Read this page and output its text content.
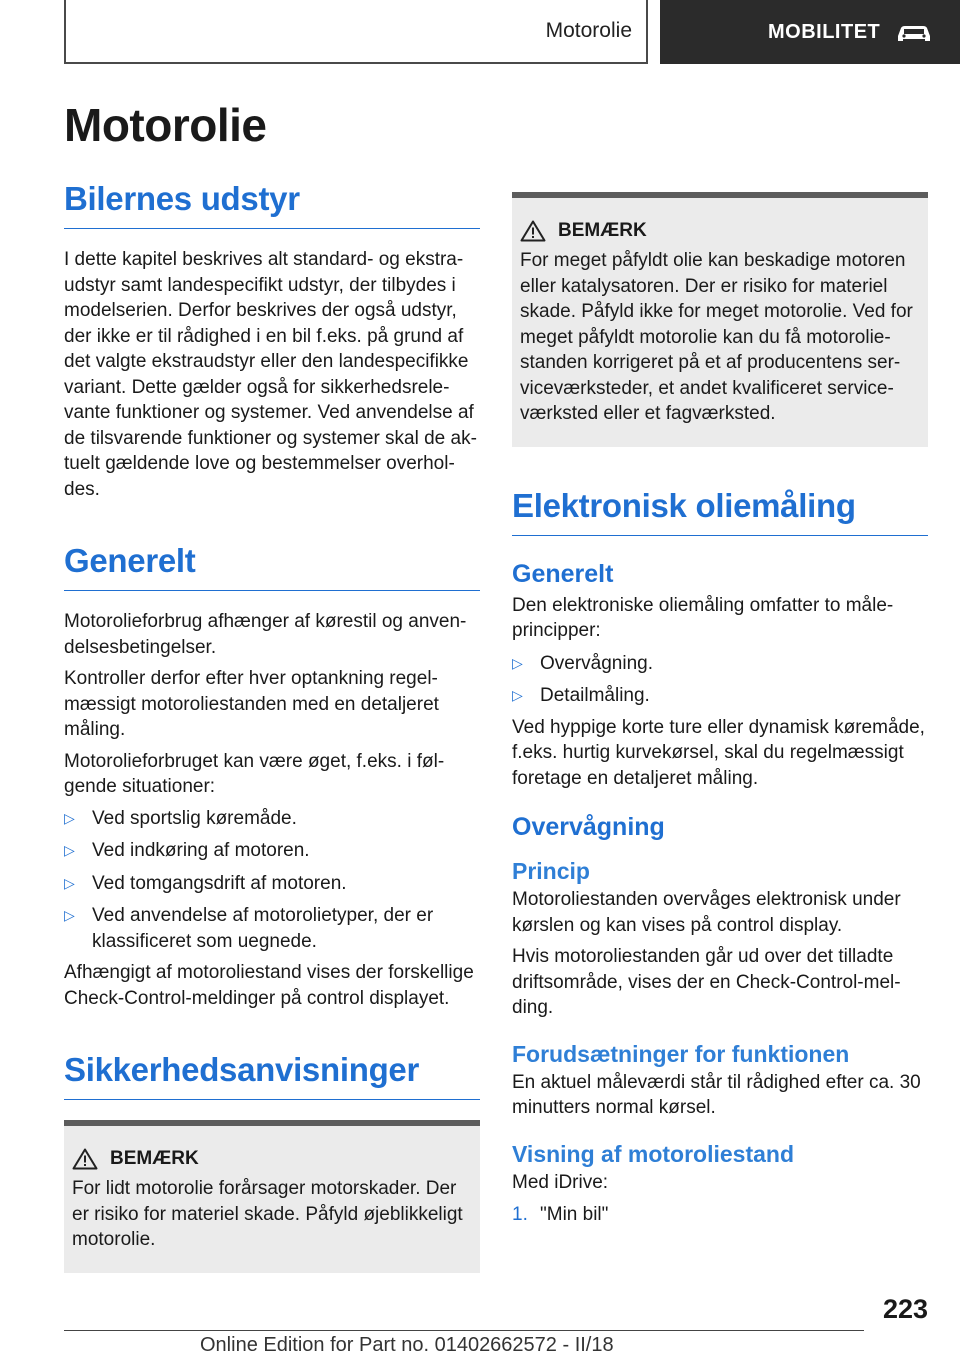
Motorolie	MOBILITET
Motorolie
Bilernes udstyr

I dette kapitel beskrives alt standard- og ekstraudstyr samt landespecifikt udstyr, der tilbydes i modelserien. Derfor beskrives der også udstyr, der ikke er til rådighed i en bil f.eks. på grund af det valgte ekstraudstyr eller den landespecifikke variant. Dette gælder også for sikkerhedsrelevante funktioner og systemer. Ved anvendelse af de tilsvarende funktioner og systemer skal de aktuelt gældende love og bestemmelser overholdes.

Generelt

Motorolieforbrug afhænger af kørestil og anvendelsesbetingelser.

Kontroller derfor efter hver optankning regelmæssigt motoroliestanden med en detaljeret måling.

Motorolieforbruget kan være øget, f.eks. i følgende situationer:

▷ Ved sportslig køremåde.
▷ Ved indkøring af motoren.
▷ Ved tomgangsdrift af motoren.
▷ Ved anvendelse af motorolietyper, der er klassificeret som uegnede.

Afhængigt af motoroliestand vises der forskellige Check-Control-meldinger på control displayet.

Sikkerhedsanvisninger
BEMÆRK

For lidt motorolie forårsager motorskader. Der er risiko for materiel skade. Påfyld øjeblikkeligt motorolie.

BEMÆRK

For meget påfyldt olie kan beskadige motoren eller katalysatoren. Der er risiko for materiel skade. Påfyld ikke for meget motorolie. Ved for meget påfyldt motorolie kan du få motoroliestanden korrigeret på et af producentens serviceværksteder, et andet kvalificeret serviceværksted eller et fagværksted.

Elektronisk oliemåling
Generelt

Den elektroniske oliemåling omfatter to måleprincipper:

▷ Overvågning.
▷ Detailmåling.

Ved hyppige korte ture eller dynamisk køremåde, f.eks. hurtig kurvekørsel, skal du regelmæssigt foretage en detaljeret måling.

Overvågning
Princip

Motoroliestanden overvåges elektronisk under kørslen og kan vises på control display.

Hvis motoroliestanden går ud over det tilladte driftsområde, vises der en Check-Control-melding.

Forudsætninger for funktionen

En aktuel måleværdi står til rådighed efter ca. 30 minutters normal kørsel.

Visning af motoroliestand

Med iDrive:

1. "Min bil"
223
Online Edition for Part no. 01402662572 - II/18
